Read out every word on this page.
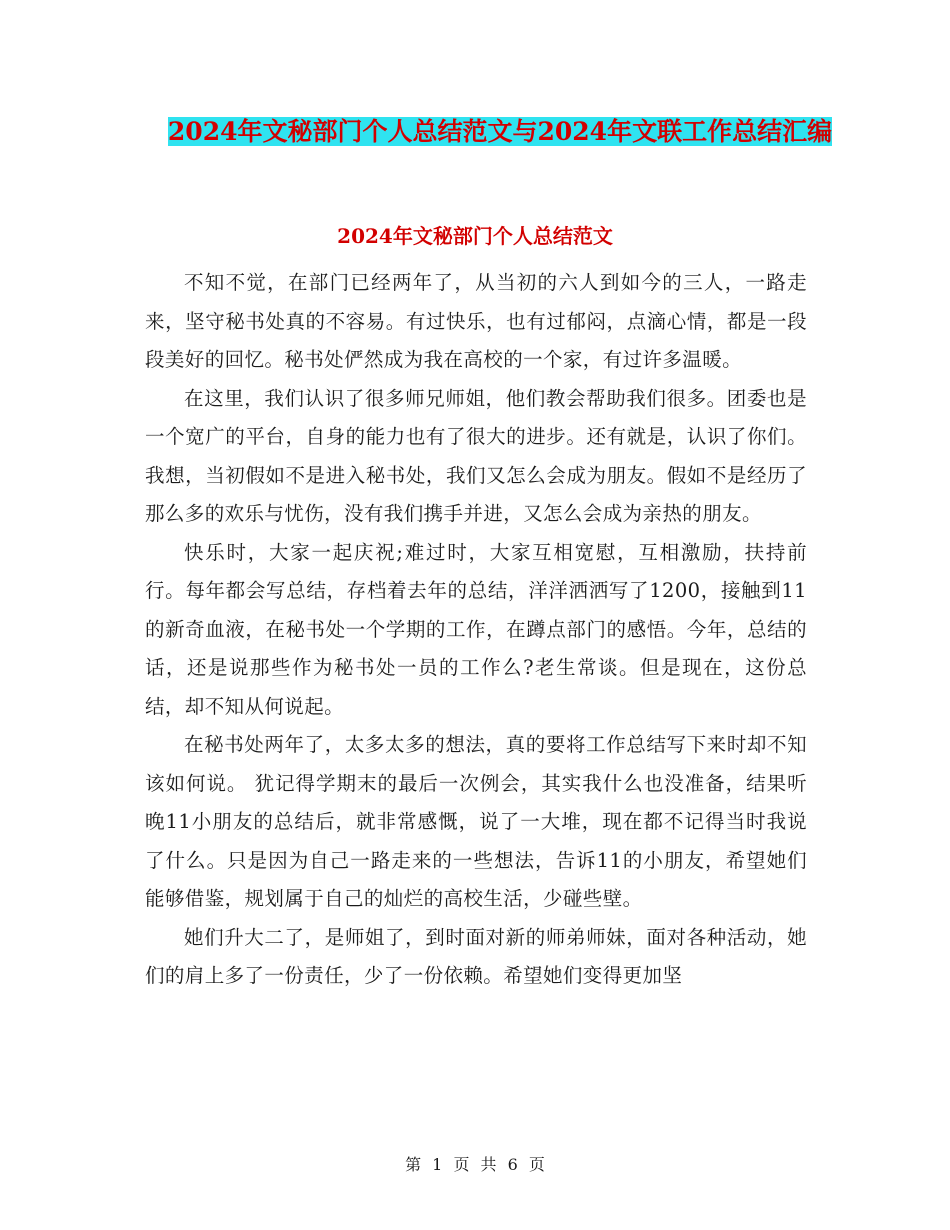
2024年文秘部门个人总结范文与2024年文联工作总结汇编
2024年文秘部门个人总结范文

不知不觉，在部门已经两年了，从当初的六人到如今的三人，一路走来，坚守秘书处真的不容易。有过快乐，也有过郁闷，点滴心情，都是一段段美好的回忆。秘书处俨然成为我在高校的一个家，有过许多温暖。

在这里，我们认识了很多师兄师姐，他们教会帮助我们很多。团委也是一个宽广的平台，自身的能力也有了很大的进步。还有就是，认识了你们。我想，当初假如不是进入秘书处，我们又怎么会成为朋友。假如不是经历了那么多的欢乐与忧伤，没有我们携手并进，又怎么会成为亲热的朋友。

快乐时，大家一起庆祝;难过时，大家互相宽慰，互相激励，扶持前行。每年都会写总结，存档着去年的总结，洋洋洒洒写了1200，接触到11的新奇血液，在秘书处一个学期的工作，在蹲点部门的感悟。今年，总结的话，还是说那些作为秘书处一员的工作么?老生常谈。但是现在，这份总结，却不知从何说起。

在秘书处两年了，太多太多的想法，真的要将工作总结写下来时却不知该如何说。 犹记得学期末的最后一次例会，其实我什么也没准备，结果听晚11小朋友的总结后，就非常感慨，说了一大堆，现在都不记得当时我说了什么。只是因为自己一路走来的一些想法，告诉11的小朋友，希望她们能够借鉴，规划属于自己的灿烂的高校生活，少碰些壁。

她们升大二了，是师姐了，到时面对新的师弟师妹，面对各种活动，她们的肩上多了一份责任，少了一份依赖。希望她们变得更加坚

第 1 页 共 6 页
